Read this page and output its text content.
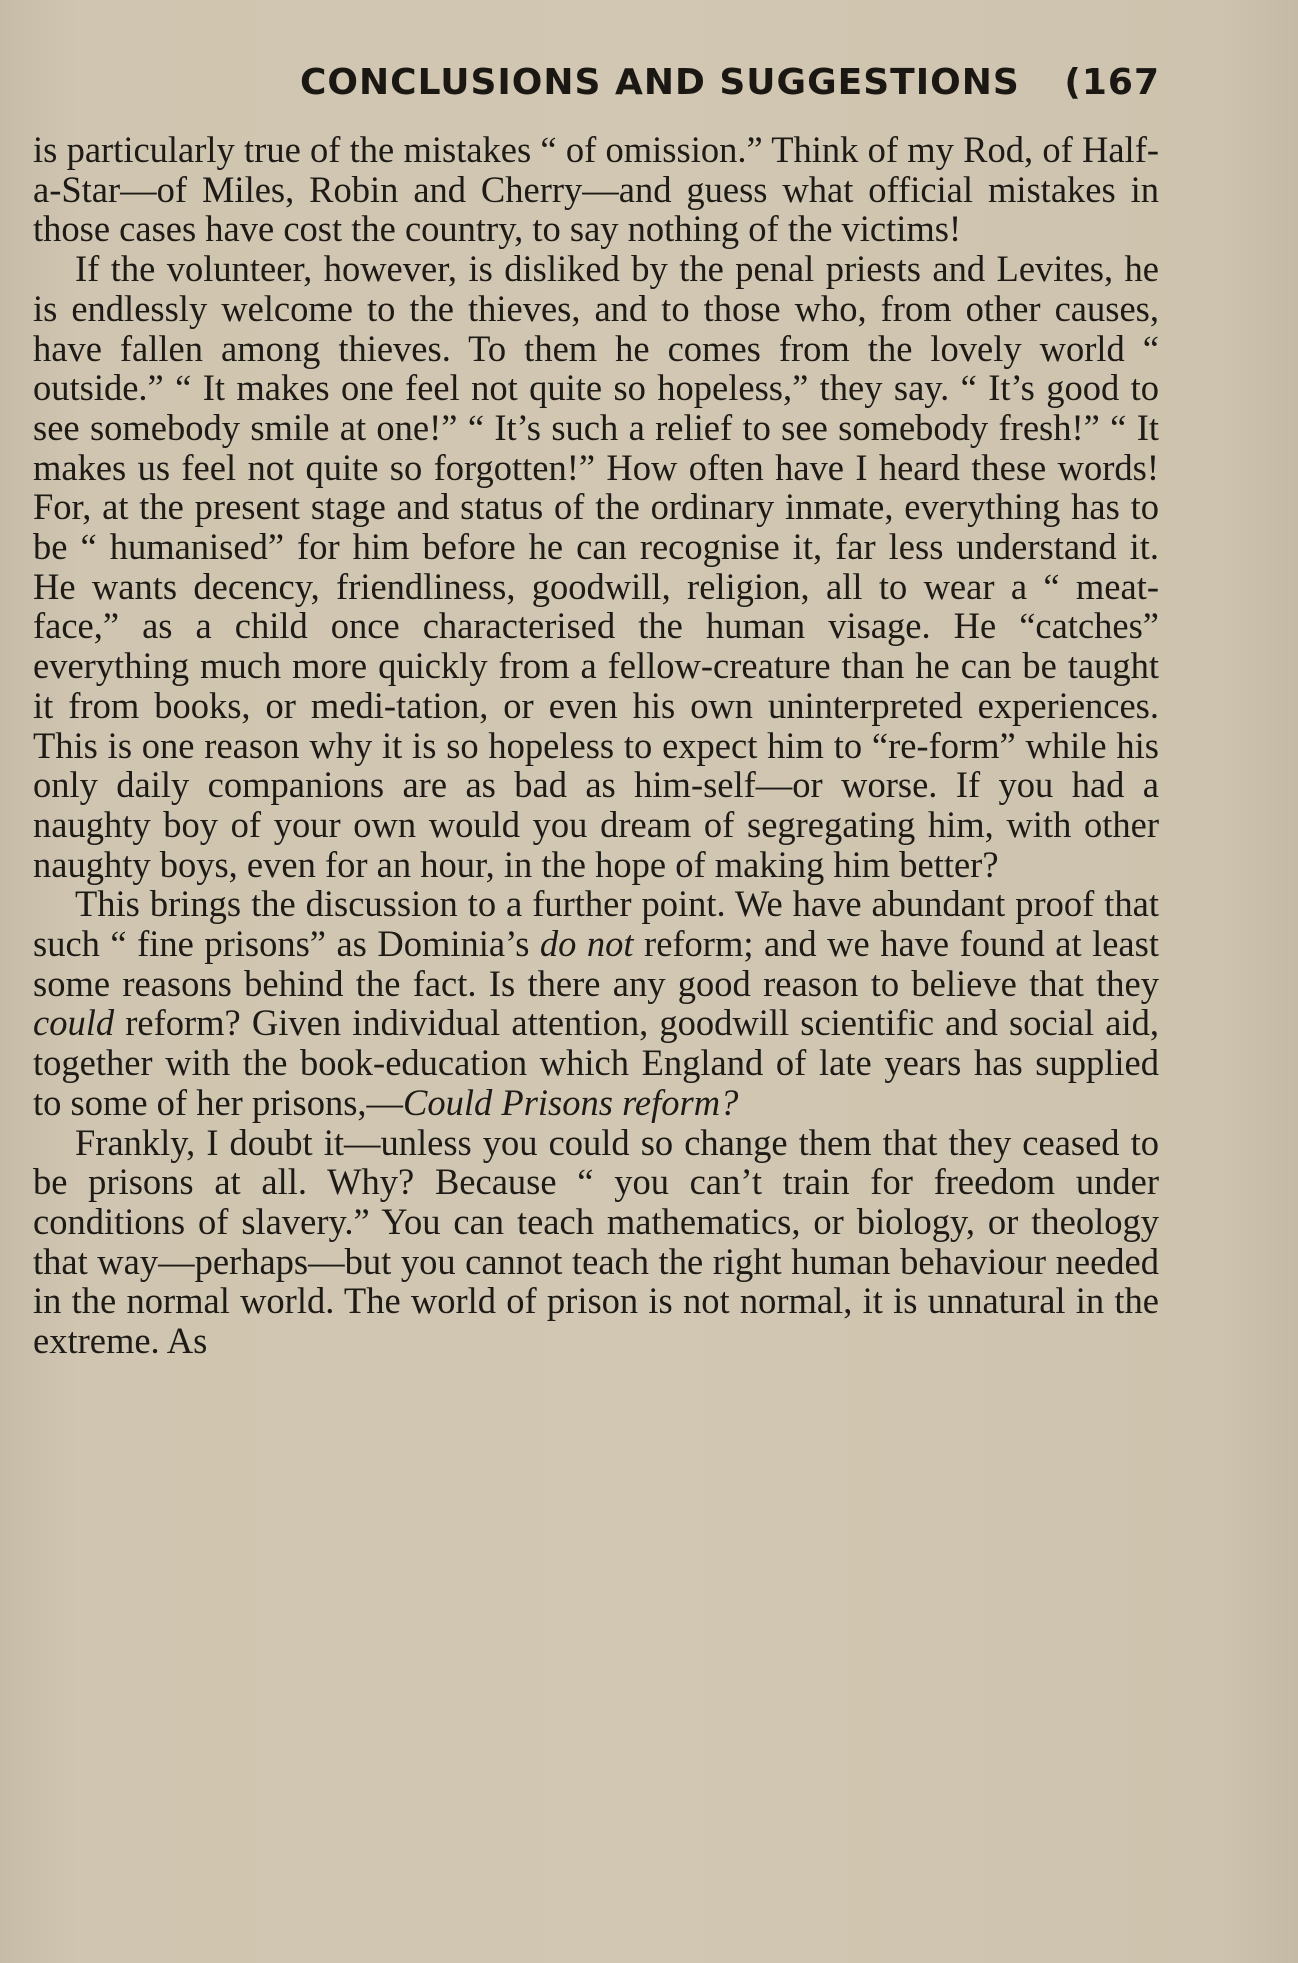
CONCLUSIONS AND SUGGESTIONS (167

is particularly true of the mistakes “ of omission.” Think of my Rod, of Half-a-Star—of Miles, Robin and Cherry—and guess what official mistakes in those cases have cost the country, to say nothing of the victims!

If the volunteer, however, is disliked by the penal priests and Levites, he is endlessly welcome to the thieves, and to those who, from other causes, have fallen among thieves. To them he comes from the lovely world “ outside.” “ It makes one feel not quite so hopeless,” they say. “ It’s good to see somebody smile at one!” “ It’s such a relief to see somebody fresh!” “ It makes us feel not quite so forgotten!” How often have I heard these words! For, at the present stage and status of the ordinary inmate, everything has to be “ humanised” for him before he can recognise it, far less understand it. He wants decency, friendliness, goodwill, religion, all to wear a “ meat-face,” as a child once characterised the human visage. He “catches” everything much more quickly from a fellow-creature than he can be taught it from books, or medi-tation, or even his own uninterpreted experiences. This is one reason why it is so hopeless to expect him to “re-form” while his only daily companions are as bad as him-self—or worse. If you had a naughty boy of your own would you dream of segregating him, with other naughty boys, even for an hour, in the hope of making him better?

This brings the discussion to a further point. We have abundant proof that such “ fine prisons” as Dominia’s do not reform; and we have found at least some reasons behind the fact. Is there any good reason to believe that they could reform? Given individual attention, goodwill scientific and social aid, together with the book-education which England of late years has supplied to some of her prisons,—Could Prisons reform?

Frankly, I doubt it—unless you could so change them that they ceased to be prisons at all. Why? Because “ you can’t train for freedom under conditions of slavery.” You can teach mathematics, or biology, or theology that way—perhaps—but you cannot teach the right human behaviour needed in the normal world. The world of prison is not normal, it is unnatural in the extreme. As
